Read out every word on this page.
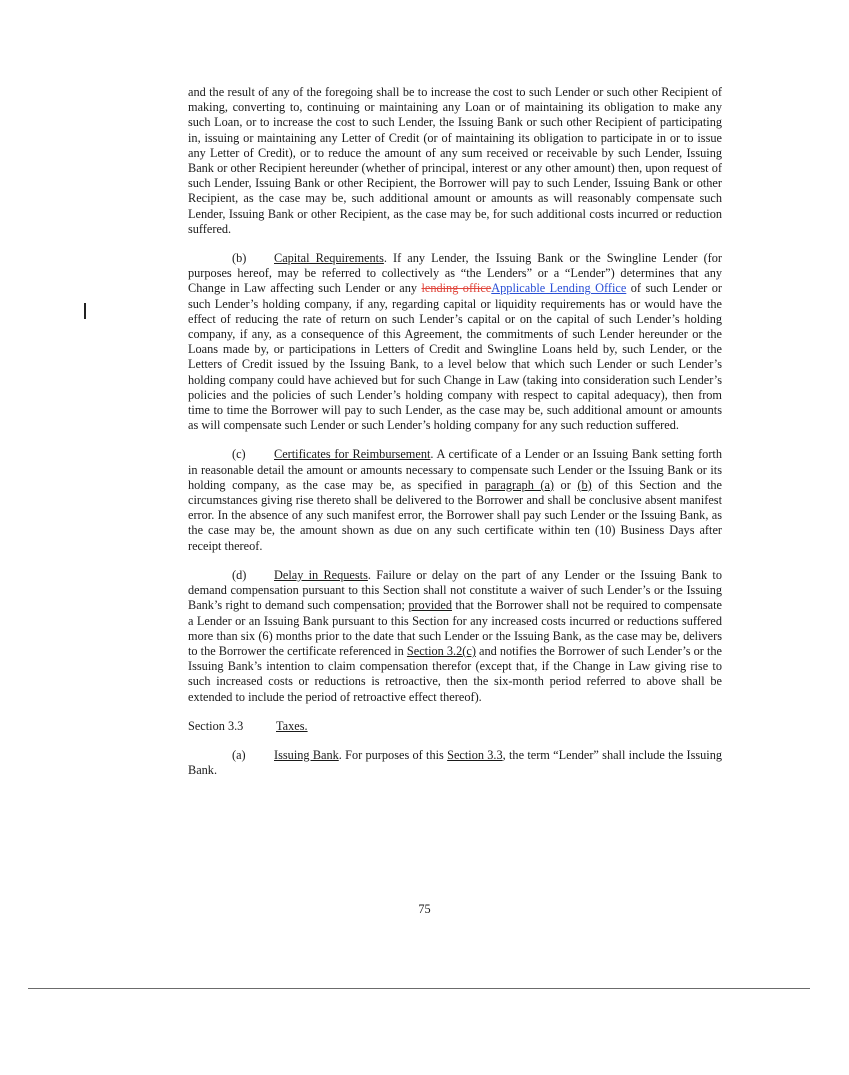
and the result of any of the foregoing shall be to increase the cost to such Lender or such other Recipient of making, converting to, continuing or maintaining any Loan or of maintaining its obligation to make any such Loan, or to increase the cost to such Lender, the Issuing Bank or such other Recipient of participating in, issuing or maintaining any Letter of Credit (or of maintaining its obligation to participate in or to issue any Letter of Credit), or to reduce the amount of any sum received or receivable by such Lender, Issuing Bank or other Recipient hereunder (whether of principal, interest or any other amount) then, upon request of such Lender, Issuing Bank or other Recipient, the Borrower will pay to such Lender, Issuing Bank or other Recipient, as the case may be, such additional amount or amounts as will reasonably compensate such Lender, Issuing Bank or other Recipient, as the case may be, for such additional costs incurred or reduction suffered.

(b) Capital Requirements. If any Lender, the Issuing Bank or the Swingline Lender (for purposes hereof, may be referred to collectively as “the Lenders” or a “Lender”) determines that any Change in Law affecting such Lender or any lending officeApplicable Lending Office of such Lender or such Lender’s holding company, if any, regarding capital or liquidity requirements has or would have the effect of reducing the rate of return on such Lender’s capital or on the capital of such Lender’s holding company, if any, as a consequence of this Agreement, the commitments of such Lender hereunder or the Loans made by, or participations in Letters of Credit and Swingline Loans held by, such Lender, or the Letters of Credit issued by the Issuing Bank, to a level below that which such Lender or such Lender’s holding company could have achieved but for such Change in Law (taking into consideration such Lender’s policies and the policies of such Lender’s holding company with respect to capital adequacy), then from time to time the Borrower will pay to such Lender, as the case may be, such additional amount or amounts as will compensate such Lender or such Lender’s holding company for any such reduction suffered.

(c) Certificates for Reimbursement. A certificate of a Lender or an Issuing Bank setting forth in reasonable detail the amount or amounts necessary to compensate such Lender or the Issuing Bank or its holding company, as the case may be, as specified in paragraph (a) or (b) of this Section and the circumstances giving rise thereto shall be delivered to the Borrower and shall be conclusive absent manifest error. In the absence of any such manifest error, the Borrower shall pay such Lender or the Issuing Bank, as the case may be, the amount shown as due on any such certificate within ten (10) Business Days after receipt thereof.

(d) Delay in Requests. Failure or delay on the part of any Lender or the Issuing Bank to demand compensation pursuant to this Section shall not constitute a waiver of such Lender’s or the Issuing Bank’s right to demand such compensation; provided that the Borrower shall not be required to compensate a Lender or an Issuing Bank pursuant to this Section for any increased costs incurred or reductions suffered more than six (6) months prior to the date that such Lender or the Issuing Bank, as the case may be, delivers to the Borrower the certificate referenced in Section 3.2(c) and notifies the Borrower of such Lender’s or the Issuing Bank’s intention to claim compensation therefor (except that, if the Change in Law giving rise to such increased costs or reductions is retroactive, then the six-month period referred to above shall be extended to include the period of retroactive effect thereof).

Section 3.3	Taxes.

(a) Issuing Bank. For purposes of this Section 3.3, the term “Lender” shall include the Issuing Bank.

75
